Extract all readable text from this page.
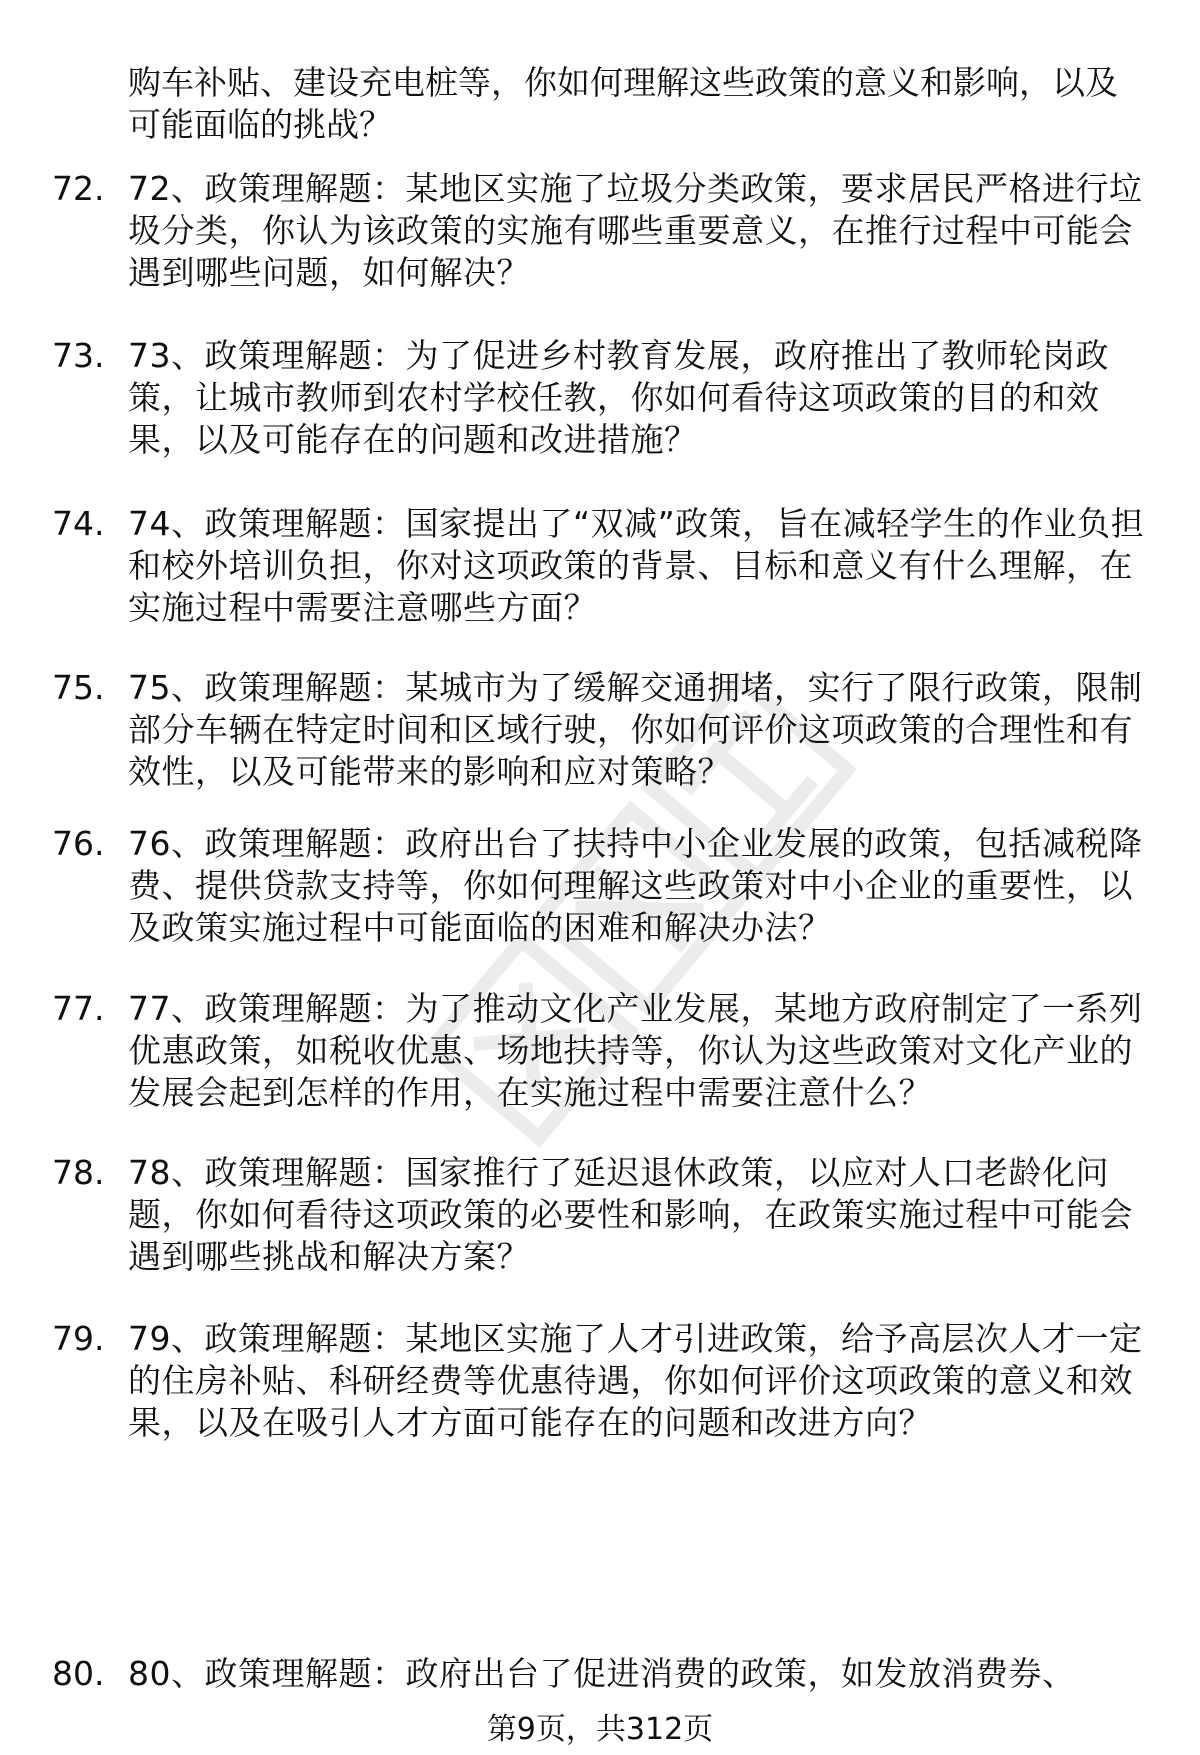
购车补贴、建设充电桩等，你如何理解这些政策的意义和影响，以及可能面临的挑战？
72. 72、政策理解题：某地区实施了垃圾分类政策，要求居民严格进行垃圾分类，你认为该政策的实施有哪些重要意义，在推行过程中可能会遇到哪些问题，如何解决？
73. 73、政策理解题：为了促进乡村教育发展，政府推出了教师轮岗政策，让城市教师到农村学校任教，你如何看待这项政策的目的和效果，以及可能存在的问题和改进措施？
74. 74、政策理解题：国家提出了“双减”政策，旨在减轻学生的作业负担和校外培训负担，你对这项政策的背景、目标和意义有什么理解，在实施过程中需要注意哪些方面？
75. 75、政策理解题：某城市为了缓解交通拥堵，实行了限行政策，限制部分车辆在特定时间和区域行驶，你如何评价这项政策的合理性和有效性，以及可能带来的影响和应对策略？
76. 76、政策理解题：政府出台了扶持中小企业发展的政策，包括减税降费、提供贷款支持等，你如何理解这些政策对中小企业的重要性，以及政策实施过程中可能面临的困难和解决办法？
77. 77、政策理解题：为了推动文化产业发展，某地方政府制定了一系列优惠政策，如税收优惠、场地扶持等，你认为这些政策对文化产业的发展会起到怎样的作用，在实施过程中需要注意什么？
78. 78、政策理解题：国家推行了延迟退休政策，以应对人口老龄化问题，你如何看待这项政策的必要性和影响，在政策实施过程中可能会遇到哪些挑战和解决方案？
79. 79、政策理解题：某地区实施了人才引进政策，给予高层次人才一定的住房补贴、科研经费等优惠待遇，你如何评价这项政策的意义和效果，以及在吸引人才方面可能存在的问题和改进方向？
80. 80、政策理解题：政府出台了促进消费的政策，如发放消费券、
第9页，共312页
